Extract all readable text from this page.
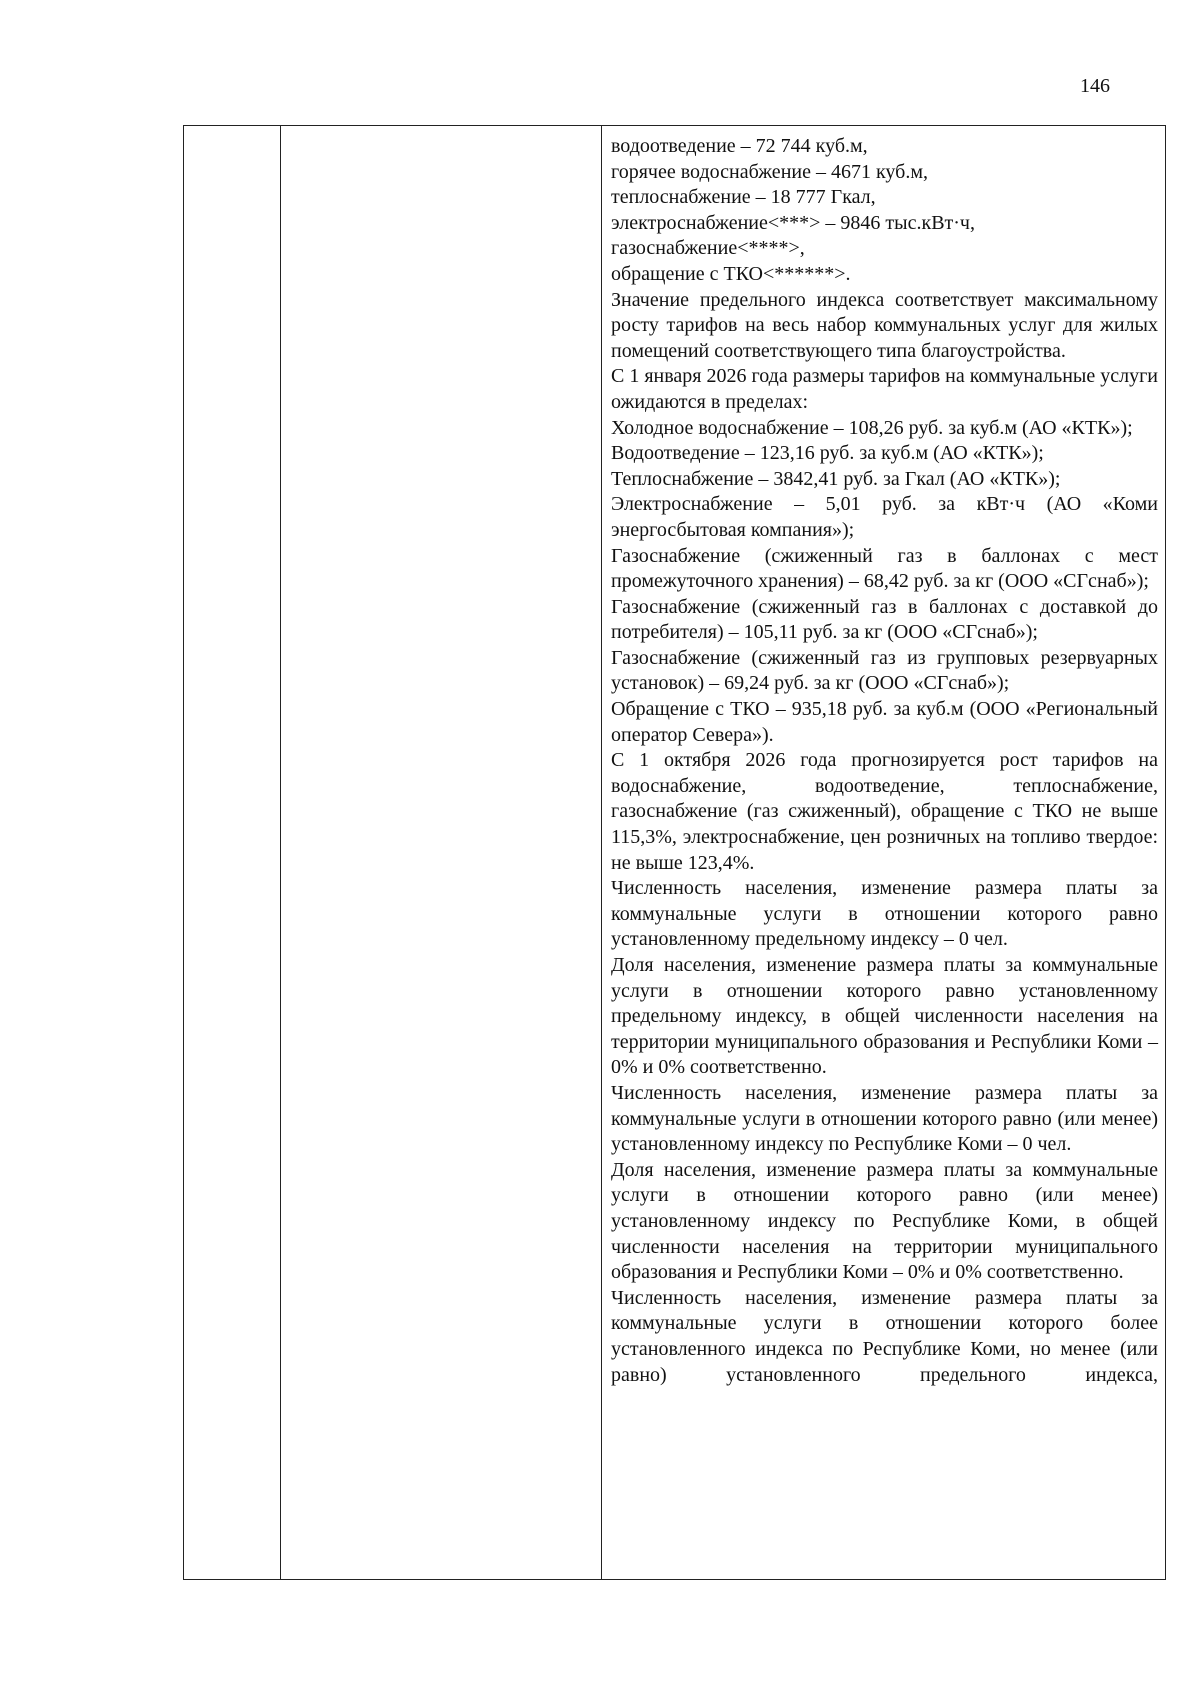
146

водоотведение – 72 744 куб.м,
горячее водоснабжение – 4671 куб.м,
теплоснабжение – 18 777 Гкал,
электроснабжение<***> – 9846 тыс.кВт·ч,
газоснабжение<****>,
обращение с ТКО<******>.

Значение предельного индекса соответствует максимальному росту тарифов на весь набор коммунальных услуг для жилых помещений соответствующего типа благоустройства.

С 1 января 2026 года размеры тарифов на коммунальные услуги ожидаются в пределах:

Холодное водоснабжение – 108,26 руб. за куб.м (АО «КТК»);

Водоотведение – 123,16 руб. за куб.м (АО «КТК»);

Теплоснабжение – 3842,41 руб. за Гкал (АО «КТК»);

Электроснабжение – 5,01 руб. за кВт·ч (АО «Коми энергосбытовая компания»);

Газоснабжение (сжиженный газ в баллонах с мест промежуточного хранения) – 68,42 руб. за кг (ООО «СГснаб»);

Газоснабжение (сжиженный газ в баллонах с доставкой до потребителя) – 105,11 руб. за кг (ООО «СГснаб»);

Газоснабжение (сжиженный газ из групповых резервуарных установок) – 69,24 руб. за кг (ООО «СГснаб»);

Обращение с ТКО – 935,18 руб. за куб.м (ООО «Региональный оператор Севера»).

С 1 октября 2026 года прогнозируется рост тарифов на водоснабжение, водоотведение, теплоснабжение, газоснабжение (газ сжиженный), обращение с ТКО не выше 115,3%, электроснабжение, цен розничных на топливо твердое: не выше 123,4%.

Численность населения, изменение размера платы за коммунальные услуги в отношении которого равно установленному предельному индексу – 0 чел.

Доля населения, изменение размера платы за коммунальные услуги в отношении которого равно установленному предельному индексу, в общей численности населения на территории муниципального образования и Республики Коми – 0% и 0% соответственно.

Численность населения, изменение размера платы за коммунальные услуги в отношении которого равно (или менее) установленному индексу по Республике Коми – 0 чел.

Доля населения, изменение размера платы за коммунальные услуги в отношении которого равно (или менее) установленному индексу по Республике Коми, в общей численности населения на территории муниципального образования и Республики Коми – 0% и 0% соответственно.

Численность населения, изменение размера платы за коммунальные услуги в отношении которого более установленного индекса по Республике Коми, но менее (или равно) установленного предельного индекса,
